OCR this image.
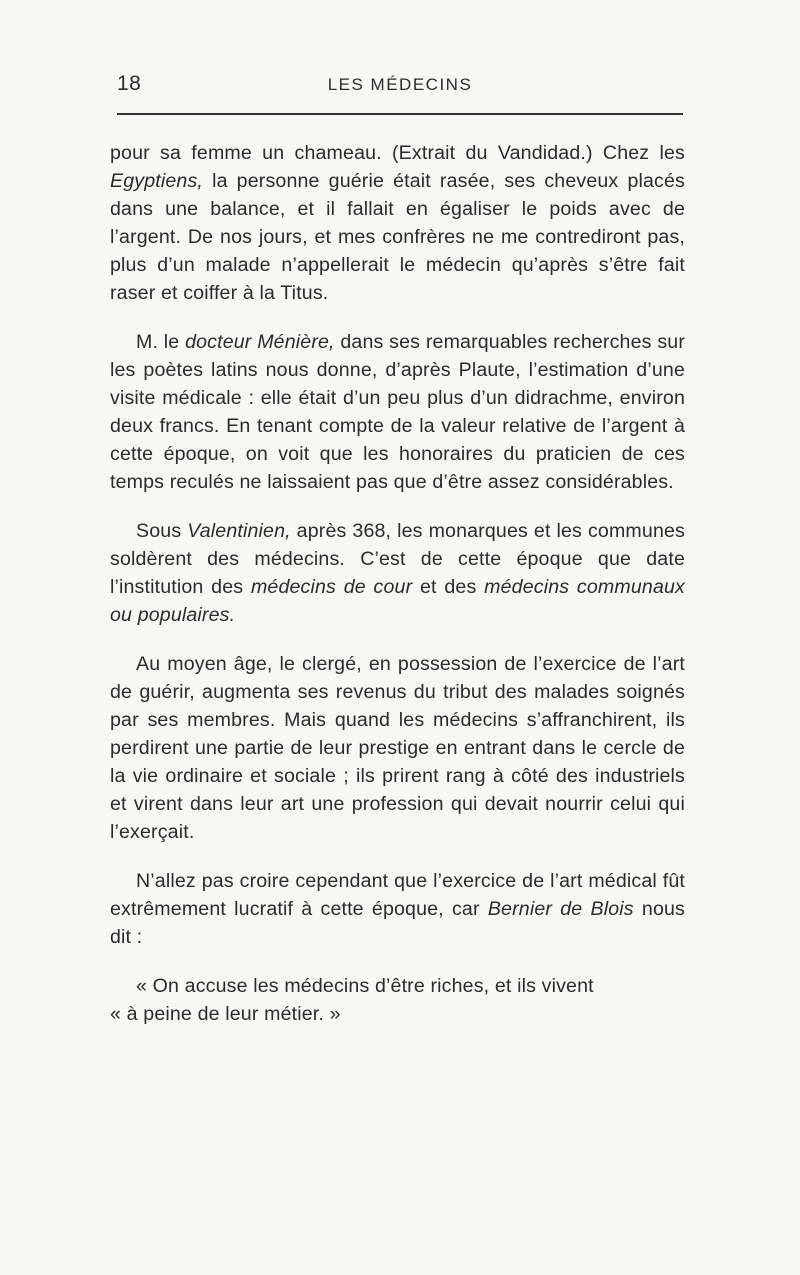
18	LES MÉDECINS

pour sa femme un chameau. (Extrait du Vandidad.) Chez les Egyptiens, la personne guérie était rasée, ses cheveux placés dans une balance, et il fallait en égaliser le poids avec de l’argent. De nos jours, et mes confrères ne me contrediront pas, plus d’un malade n’appellerait le médecin qu’après s’être fait raser et coiffer à la Titus.

M. le docteur Ménière, dans ses remarquables recherches sur les poètes latins nous donne, d’après Plaute, l’estimation d’une visite médicale : elle était d’un peu plus d’un didrachme, environ deux francs. En tenant compte de la valeur relative de l’argent à cette époque, on voit que les honoraires du praticien de ces temps reculés ne laissaient pas que d’être assez considérables.

Sous Valentinien, après 368, les monarques et les communes soldèrent des médecins. C’est de cette époque que date l’institution des médecins de cour et des médecins communaux ou populaires.

Au moyen âge, le clergé, en possession de l’exercice de l’art de guérir, augmenta ses revenus du tribut des malades soignés par ses membres. Mais quand les médecins s’affranchirent, ils perdirent une partie de leur prestige en entrant dans le cercle de la vie ordinaire et sociale ; ils prirent rang à côté des industriels et virent dans leur art une profession qui devait nourrir celui qui l’exerçait.

N’allez pas croire cependant que l’exercice de l’art médical fût extrêmement lucratif à cette époque, car Bernier de Blois nous dit :

« On accuse les médecins d’être riches, et ils vivent
« à peine de leur métier. »
